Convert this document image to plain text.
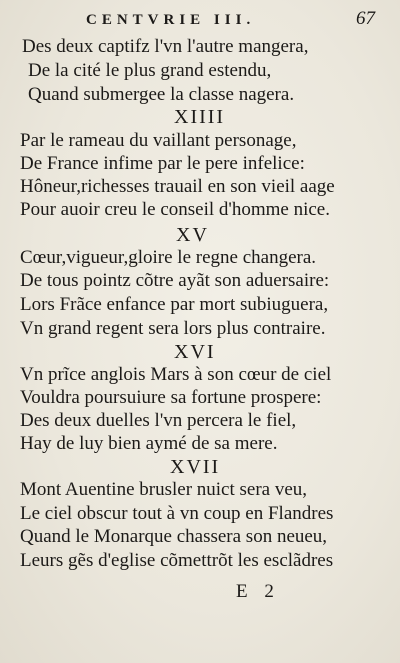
CENTVRIE III.	67
Des deux captifz l'vn l'autre mangera,
De la cité le plus grand estendu,
Quand submergee la classe nagera.
XIIII
Par le rameau du vaillant personage,
De France infime par le pere infelice:
Hôneur,richesses trauail en son vieil aage
Pour auoir creu le conseil d'homme nice.
XV
Cœur,vigueur,gloire le regne changera.
De tous pointz cõtre ayãt son aduersaire:
Lors Frãce enfance par mort subiuguera,
Vn grand regent sera lors plus contraire.
XVI
Vn prĩce anglois Mars à son cœur de ciel
Vouldra poursuiure sa fortune prospere:
Des deux duelles l'vn percera le fiel,
Hay de luy bien aymé de sa mere.
XVII
Mont Auentine brusler nuict sera veu,
Le ciel obscur tout à vn coup en Flandres
Quand le Monarque chassera son neueu,
Leurs gẽs d'eglise cõmettrõt les esclãdres
E 2
